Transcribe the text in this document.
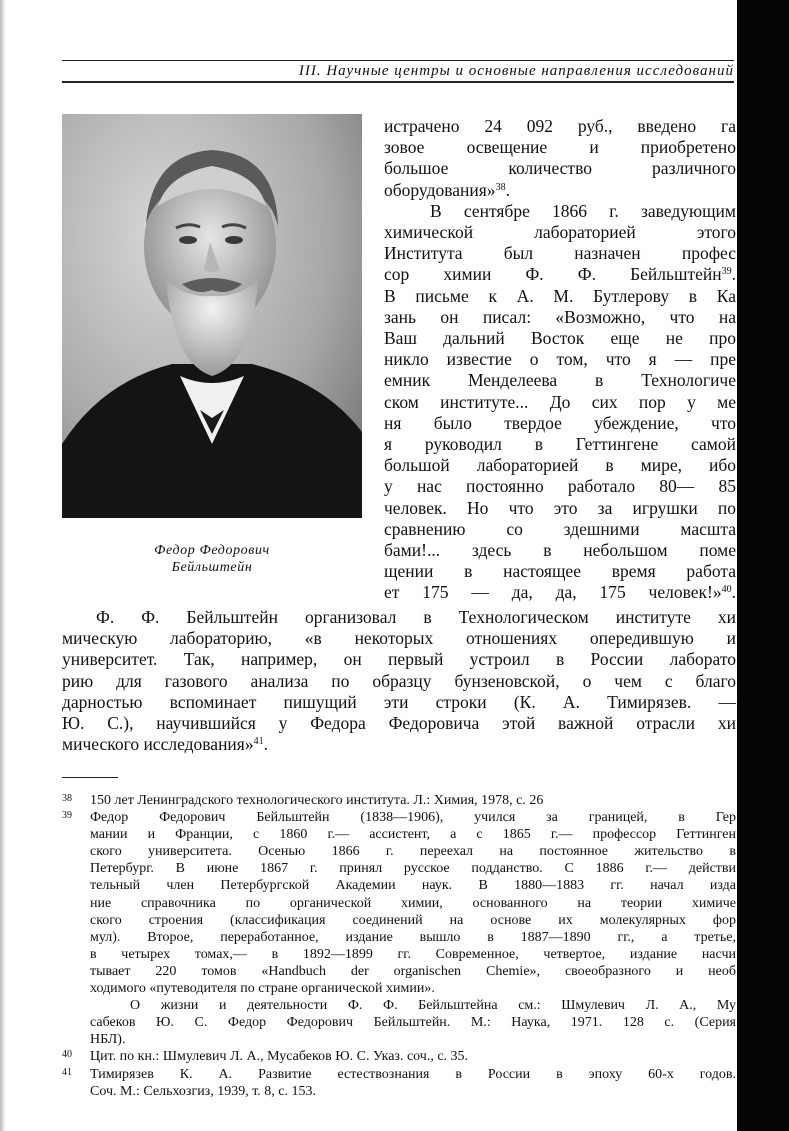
III. Научные центры и основные направления исследований
Федор Федорович
Бейльштейн
истрачено 24 092 руб., введено га
зовое освещение и приобретено
большое количество различного
оборудования»$^{38}$.
В сентябре 1866 г. заведующим
химической лабораторией этого
Института был назначен профес
сор химии Ф. Ф. Бейльштейн$^{39}$.
В письме к А. М. Бутлерову в Ка
зань он писал: «Возможно, что на
Ваш дальний Восток еще не про
никло известие о том, что я — пре
емник Менделеева в Технологиче
ском институте... До сих пор у ме
ня было твердое убеждение, что
я руководил в Геттингене самой
большой лабораторией в мире, ибо
у нас постоянно работало 80— 85
человек. Но что это за игрушки по
сравнению со здешними масшта
бами!... здесь в небольшом поме
щении в настоящее время работа
ет 175 — да, да, 175 человек!»$^{40}$.
Ф. Ф. Бейльштейн организовал в Технологическом институте хи
мическую лабораторию, «в некоторых отношениях опередившую и
университет. Так, например, он первый устроил в России лаборато
рию для газового анализа по образцу бунзеновской, о чем с благо
дарностью вспоминает пишущий эти строки (К. А. Тимирязев. —
Ю. С.), научившийся у Федора Федоровича этой важной отрасли хи
мического исследования»$^{41}$.
38 150 лет Ленинградского технологического института. Л.: Химия, 1978, с. 26
39 Федор Федорович Бейльштейн (1838—1906), учился за границей, в Гер
мании и Франции, с 1860 г.— ассистент, а с 1865 г.— профессор Геттинген
ского университета. Осенью 1866 г. переехал на постоянное жительство в
Петербург. В июне 1867 г. принял русское подданство. С 1886 г.— действи
тельный член Петербургской Академии наук. В 1880—1883 гг. начал изда
ние справочника по органической химии, основанного на теории химиче
ского строения (классификация соединений на основе их молекулярных фор
мул). Второе, переработанное, издание вышло в 1887—1890 гг., а третье,
в четырех томах,— в 1892—1899 гг. Современное, четвертое, издание насчи
тывает 220 томов «Handbuch der organischen Chemie», своеобразного и необ
ходимого «путеводителя по стране органической химии».
О жизни и деятельности Ф. Ф. Бейльштейна см.: Шмулевич Л. А., Му
сабеков Ю. С. Федор Федорович Бейльштейн. М.: Наука, 1971. 128 с. (Серия
НБЛ).
40 Цит. по кн.: Шмулевич Л. А., Мусабеков Ю. С. Указ. соч., с. 35.
41 Тимирязев К. А. Развитие естествознания в России в эпоху 60-х годов.
Соч. М.: Сельхозгиз, 1939, т. 8, с. 153.
